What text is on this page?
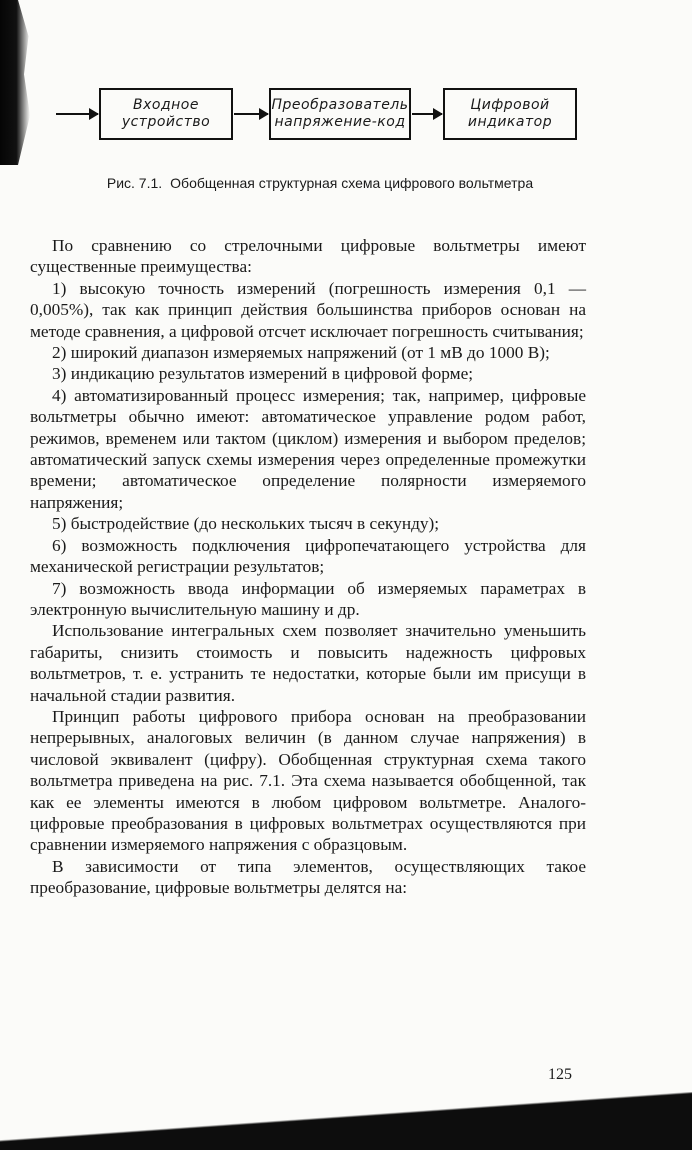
Входное
устройство
Преобразователь
напряжение-код
Цифровой
индикатор
Рис. 7.1. Обобщенная структурная схема цифрового вольтметра

По сравнению со стрелочными цифровые вольтметры имеют существенные преимущества:

1) высокую точность измерений (погрешность измерения 0,1 — 0,005%), так как принцип действия большинства приборов основан на методе сравнения, а цифровой отсчет исключает погрешность считывания;

2) широкий диапазон измеряемых напряжений (от 1 мВ до 1000 В);

3) индикацию результатов измерений в цифровой форме;

4) автоматизированный процесс измерения; так, например, цифровые вольтметры обычно имеют: автоматическое управление родом работ, режимов, временем или тактом (циклом) измерения и выбором пределов; автоматический запуск схемы измерения через определенные промежутки времени; автоматическое определение полярности измеряемого напряжения;

5) быстродействие (до нескольких тысяч в секунду);

6) возможность подключения цифропечатающего устройства для механической регистрации результатов;

7) возможность ввода информации об измеряемых параметрах в электронную вычислительную машину и др.

Использование интегральных схем позволяет значительно уменьшить габариты, снизить стоимость и повысить надежность цифровых вольтметров, т. е. устранить те недостатки, которые были им присущи в начальной стадии развития.

Принцип работы цифрового прибора основан на преобразовании непрерывных, аналоговых величин (в данном случае напряжения) в числовой эквивалент (цифру). Обобщенная структурная схема такого вольтметра приведена на рис. 7.1. Эта схема называется обобщенной, так как ее элементы имеются в любом цифровом вольтметре. Аналого-цифровые преобразования в цифровых вольтметрах осуществляются при сравнении измеряемого напряжения с образцовым.

В зависимости от типа элементов, осуществляющих такое преобразование, цифровые вольтметры делятся на:

125
